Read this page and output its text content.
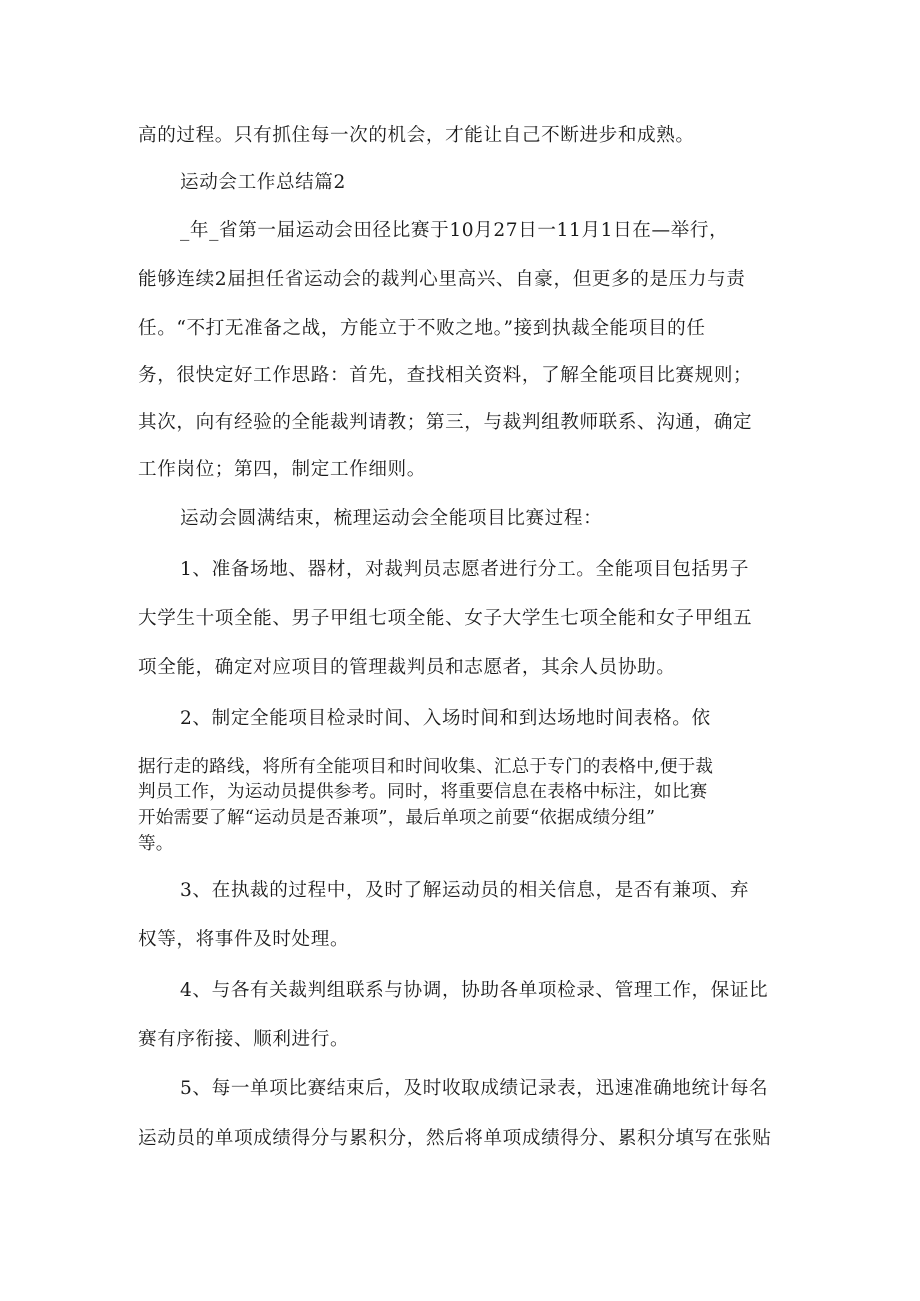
高的过程。只有抓住每一次的机会，才能让自己不断进步和成熟。
运动会工作总结篇2
_年_省第一届运动会田径比赛于10月27日一11月1日在—举行，
能够连续2届担任省运动会的裁判心里高兴、自豪，但更多的是压力与责
任。“不打无准备之战，方能立于不败之地。”接到执裁全能项目的任
务，很快定好工作思路：首先，查找相关资料，了解全能项目比赛规则；
其次，向有经验的全能裁判请教；第三，与裁判组教师联系、沟通，确定
工作岗位；第四，制定工作细则。
运动会圆满结束，梳理运动会全能项目比赛过程：
1、准备场地、器材，对裁判员志愿者进行分工。全能项目包括男子
大学生十项全能、男子甲组七项全能、女子大学生七项全能和女子甲组五
项全能，确定对应项目的管理裁判员和志愿者，其余人员协助。
2、制定全能项目检录时间、入场时间和到达场地时间表格。依
据行走的路线，将所有全能项目和时间收集、汇总于专门的表格中,便于裁
判员工作，为运动员提供参考。同时，将重要信息在表格中标注，如比赛
开始需要了解“运动员是否兼项”，最后单项之前要“依据成绩分组”
等。
3、在执裁的过程中，及时了解运动员的相关信息，是否有兼项、弃
权等，将事件及时处理。
4、与各有关裁判组联系与协调，协助各单项检录、管理工作，保证比
赛有序衔接、顺利进行。
5、每一单项比赛结束后，及时收取成绩记录表，迅速准确地统计每名
运动员的单项成绩得分与累积分，然后将单项成绩得分、累积分填写在张贴
